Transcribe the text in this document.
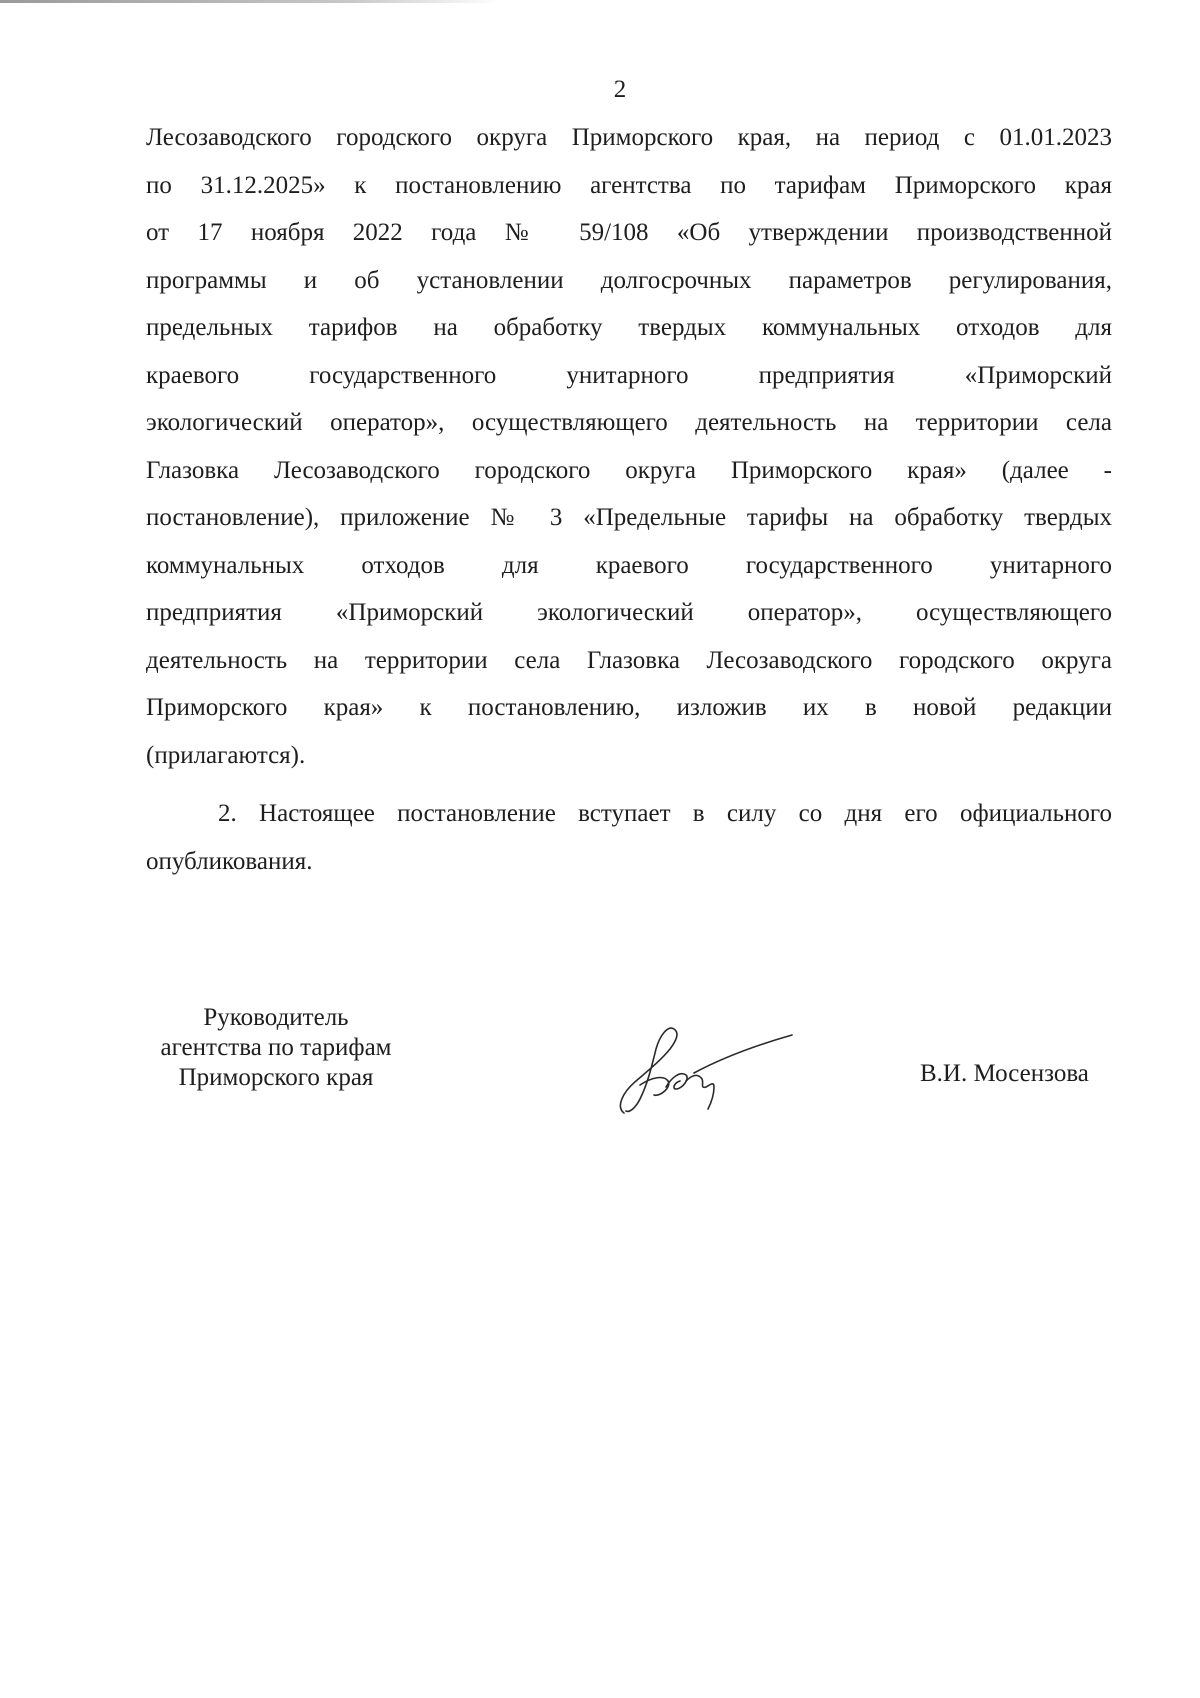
2
Лесозаводского городского округа Приморского края, на период с 01.01.2023
по 31.12.2025» к постановлению агентства по тарифам Приморского края
от 17 ноября 2022 года № 59/108 «Об утверждении производственной
программы и об установлении долгосрочных параметров регулирования,
предельных тарифов на обработку твердых коммунальных отходов для
краевого государственного унитарного предприятия «Приморский
экологический оператор», осуществляющего деятельность на территории села
Глазовка Лесозаводского городского округа Приморского края» (далее -
постановление), приложение № 3 «Предельные тарифы на обработку твердых
коммунальных отходов для краевого государственного унитарного
предприятия «Приморский экологический оператор», осуществляющего
деятельность на территории села Глазовка Лесозаводского городского округа
Приморского края» к постановлению, изложив их в новой редакции
(прилагаются).
2. Настоящее постановление вступает в силу со дня его официального
опубликования.
Руководитель
агентства по тарифам
Приморского края	В.И. Мосензова
